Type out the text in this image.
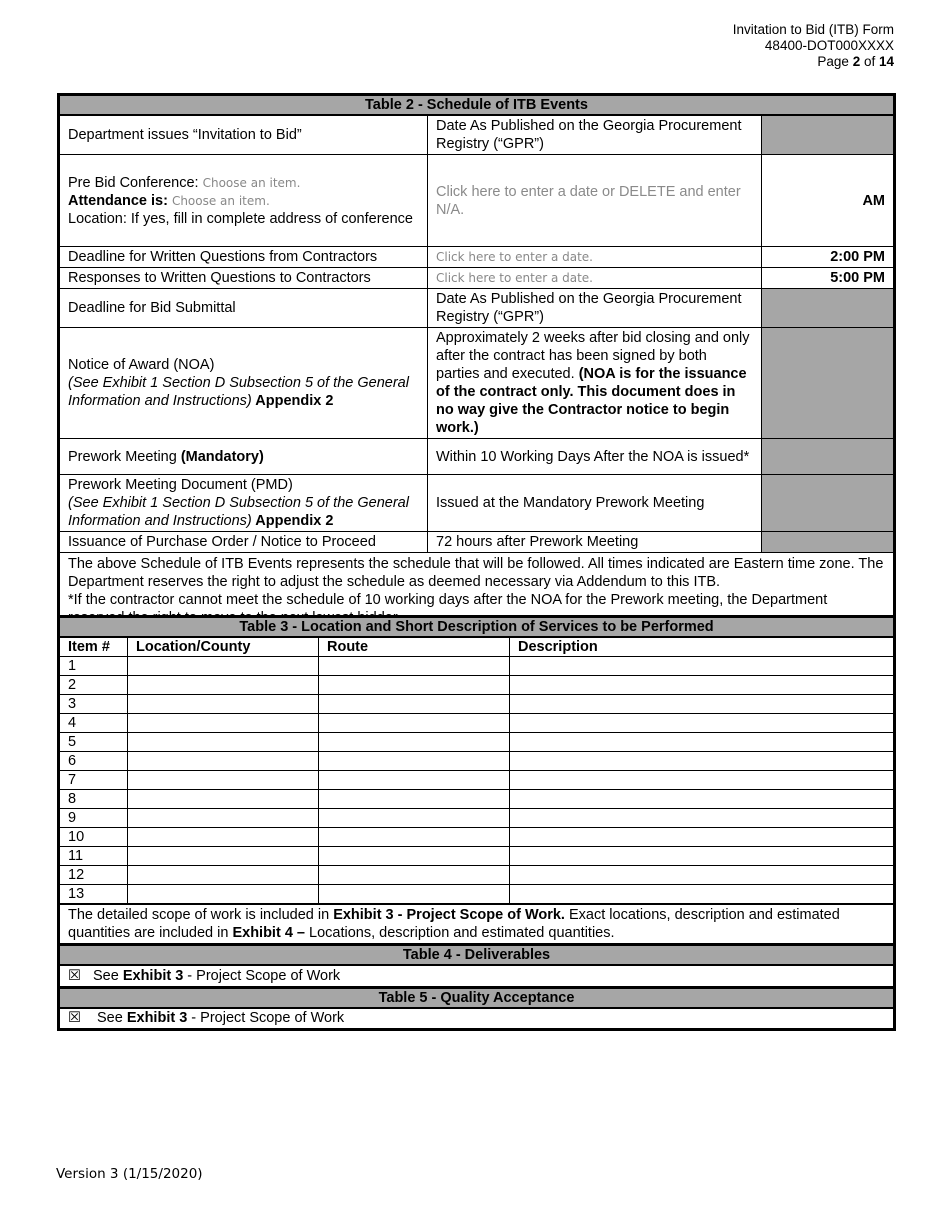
Invitation to Bid (ITB) Form
48400-DOT000XXXX
Page 2 of 14
Table 2 - Schedule of ITB Events		
Department issues “Invitation to Bid”	Date As Published on the Georgia Procurement Registry (“GPR”)	

Pre Bid Conference: Choose an item.
Attendance is: Choose an item.
Location: If yes, fill in complete address of conference	Click here to enter a date or DELETE and enter N/A.	AM
Deadline for Written Questions from Contractors	Click here to enter a date.	2:00 PM
Responses to Written Questions to Contractors	Click here to enter a date.	5:00 PM
Deadline for Bid Submittal	Date As Published on the Georgia Procurement Registry (“GPR”)	

Notice of Award (NOA)
(See Exhibit 1 Section D Subsection 5 of the General Information and Instructions) Appendix 2	Approximately 2 weeks after bid closing and only after the contract has been signed by both parties and executed. (NOA is for the issuance of the contract only. This document does in no way give the Contractor notice to begin work.)	
Prework Meeting (Mandatory)	Within 10 Working Days After the NOA is issued*	

Prework Meeting Document (PMD)
(See Exhibit 1 Section D Subsection 5 of the General Information and Instructions) Appendix 2	Issued at the Mandatory Prework Meeting	
Issuance of Purchase Order / Notice to Proceed	72 hours after Prework Meeting	

The above Schedule of ITB Events represents the schedule that will be followed. All times indicated are Eastern time zone. The Department reserves the right to adjust the schedule as deemed necessary via Addendum to this ITB.
*If the contractor cannot meet the schedule of 10 working days after the NOA for the Prework meeting, the Department		
Table 3 - Location and Short Description of Services to be Performed			
Item #	Location/County	Route	Description
1			
2			
3			
4			
5			
6			
7			
8			
9			
10			
11			
12			
13			
The detailed scope of work is included in Exhibit 3 - Project Scope of Work. Exact locations, description and estimated quantities are included in Exhibit 4 – Locations, description and estimated quantities.			
Table 4 - Deliverables			
☒ See Exhibit 3 - Project Scope of Work			
Table 5 - Quality Acceptance			
☒ See Exhibit 3 - Project Scope of Work			
Version 3 (1/15/2020)
